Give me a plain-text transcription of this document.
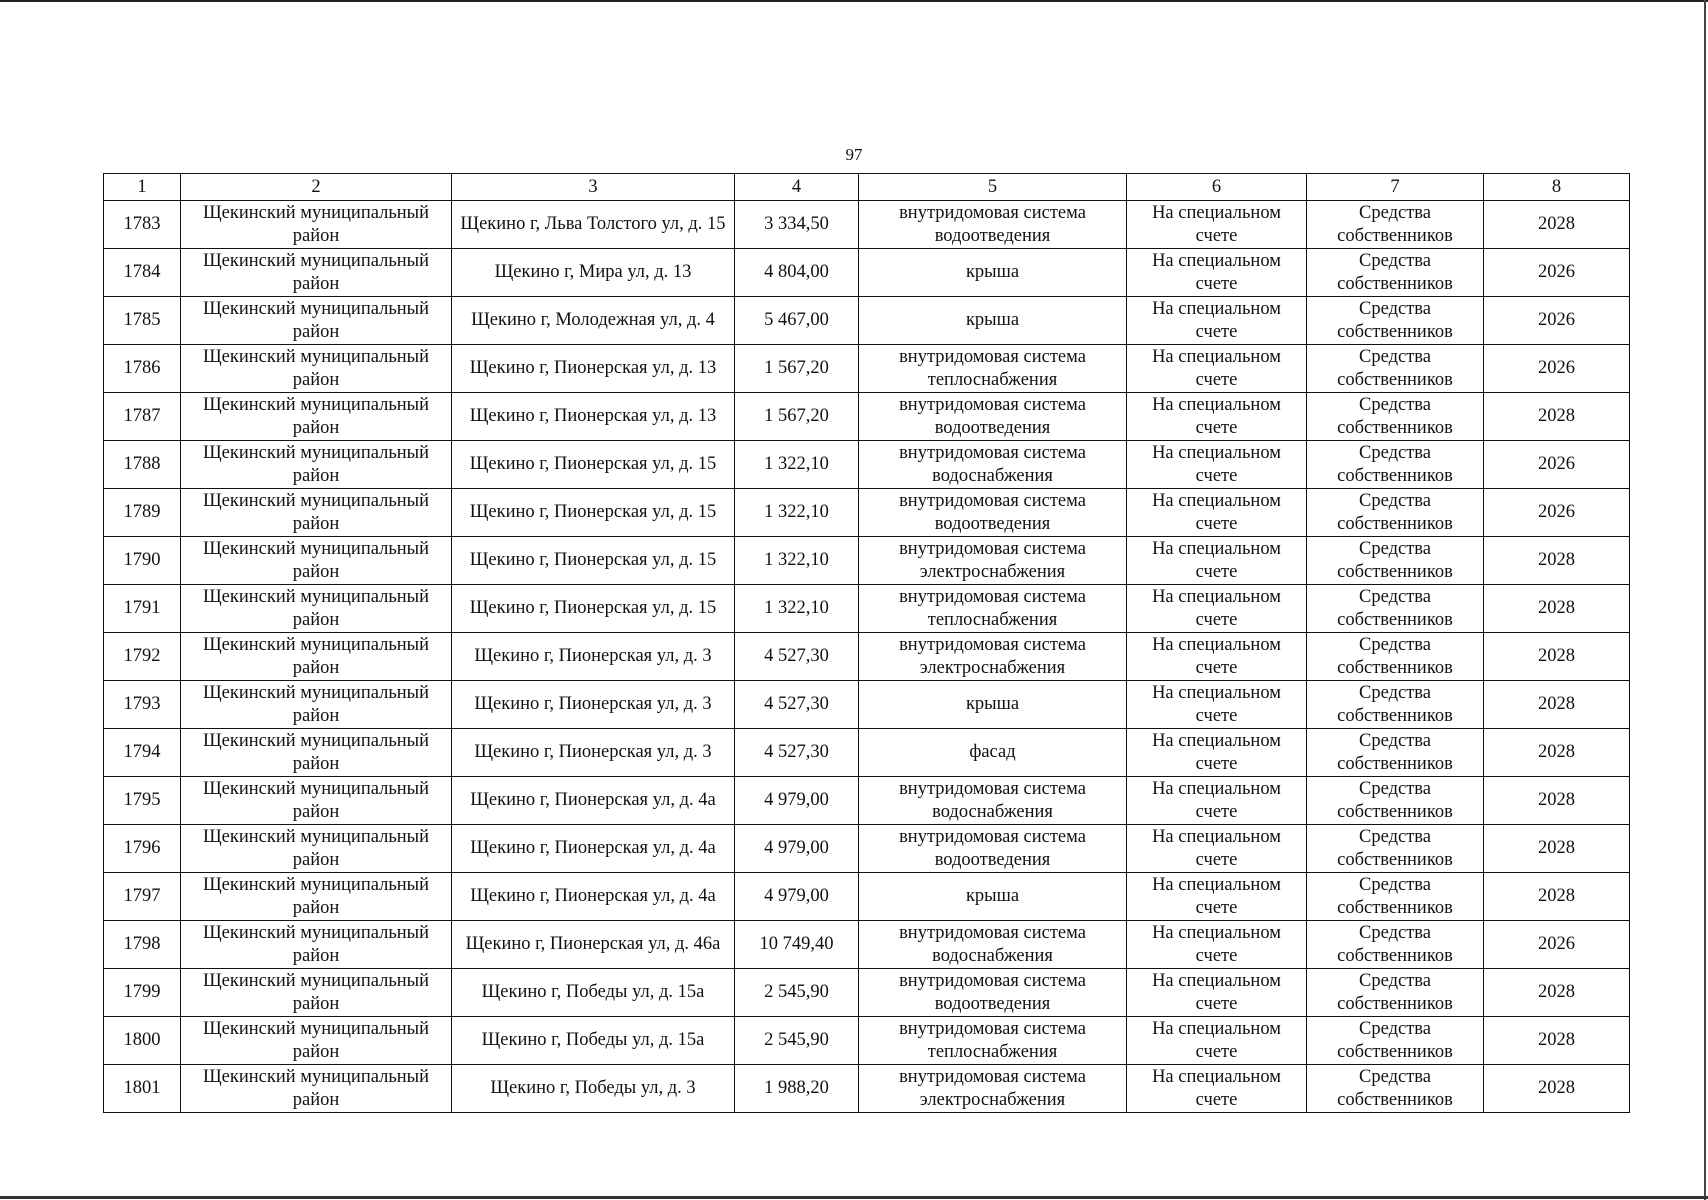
97
1	2	3	4	5	6	7	8
1783	Щекинский муниципальный район	Щекино г, Льва Толстого ул, д. 15	3 334,50	внутридомовая система водоотведения	На специальном счете	Средства собственников	2028
1784	Щекинский муниципальный район	Щекино г, Мира ул, д. 13	4 804,00	крыша	На специальном счете	Средства собственников	2026
1785	Щекинский муниципальный район	Щекино г, Молодежная ул, д. 4	5 467,00	крыша	На специальном счете	Средства собственников	2026
1786	Щекинский муниципальный район	Щекино г, Пионерская ул, д. 13	1 567,20	внутридомовая система теплоснабжения	На специальном счете	Средства собственников	2026
1787	Щекинский муниципальный район	Щекино г, Пионерская ул, д. 13	1 567,20	внутридомовая система водоотведения	На специальном счете	Средства собственников	2028
1788	Щекинский муниципальный район	Щекино г, Пионерская ул, д. 15	1 322,10	внутридомовая система водоснабжения	На специальном счете	Средства собственников	2026
1789	Щекинский муниципальный район	Щекино г, Пионерская ул, д. 15	1 322,10	внутридомовая система водоотведения	На специальном счете	Средства собственников	2026
1790	Щекинский муниципальный район	Щекино г, Пионерская ул, д. 15	1 322,10	внутридомовая система электроснабжения	На специальном счете	Средства собственников	2028
1791	Щекинский муниципальный район	Щекино г, Пионерская ул, д. 15	1 322,10	внутридомовая система теплоснабжения	На специальном счете	Средства собственников	2028
1792	Щекинский муниципальный район	Щекино г, Пионерская ул, д. 3	4 527,30	внутридомовая система электроснабжения	На специальном счете	Средства собственников	2028
1793	Щекинский муниципальный район	Щекино г, Пионерская ул, д. 3	4 527,30	крыша	На специальном счете	Средства собственников	2028
1794	Щекинский муниципальный район	Щекино г, Пионерская ул, д. 3	4 527,30	фасад	На специальном счете	Средства собственников	2028
1795	Щекинский муниципальный район	Щекино г, Пионерская ул, д. 4а	4 979,00	внутридомовая система водоснабжения	На специальном счете	Средства собственников	2028
1796	Щекинский муниципальный район	Щекино г, Пионерская ул, д. 4а	4 979,00	внутридомовая система водоотведения	На специальном счете	Средства собственников	2028
1797	Щекинский муниципальный район	Щекино г, Пионерская ул, д. 4а	4 979,00	крыша	На специальном счете	Средства собственников	2028
1798	Щекинский муниципальный район	Щекино г, Пионерская ул, д. 46а	10 749,40	внутридомовая система водоснабжения	На специальном счете	Средства собственников	2026
1799	Щекинский муниципальный район	Щекино г, Победы ул, д. 15а	2 545,90	внутридомовая система водоотведения	На специальном счете	Средства собственников	2028
1800	Щекинский муниципальный район	Щекино г, Победы ул, д. 15а	2 545,90	внутридомовая система теплоснабжения	На специальном счете	Средства собственников	2028
1801	Щекинский муниципальный район	Щекино г, Победы ул, д. 3	1 988,20	внутридомовая система электроснабжения	На специальном счете	Средства собственников	2028
